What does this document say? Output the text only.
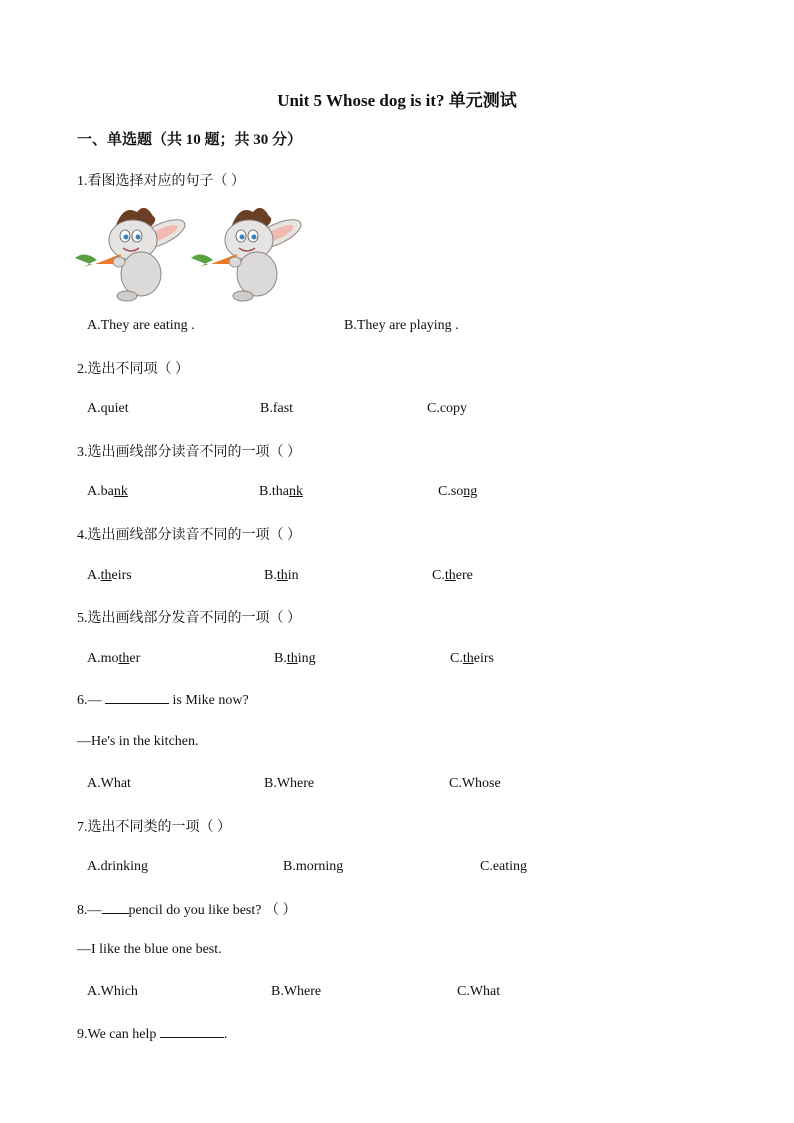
Unit 5 Whose dog is it? 单元测试
一、单选题（共 10 题；共 30 分）
1.看图选择对应的句子（ ）
A.They are eating .	B.They are playing .
2.选出不同项（ ）
A.quiet	B.fast	C.copy
3.选出画线部分读音不同的一项（ ）
A.bank	B.thank	C.song
4.选出画线部分读音不同的一项（ ）
A.theirs	B.thin	C.there
5.选出画线部分发音不同的一项（ ）
A.mother	B.thing	C.theirs
6.—	is Mike now?
—He's in the kitchen.
A.What	B.Where	C.Whose
7.选出不同类的一项（ ）
A.drinking	B.morning	C.eating
8.— pencil do you like best? （ ）
—I like the blue one best.
A.Which	B.Where	C.What
9.We can help	.
